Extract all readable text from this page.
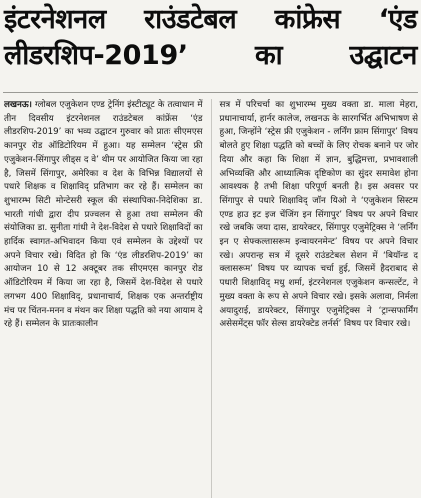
इंटरनेशनल राउंडटेबल कांफ्रेस ‘एंड लीडरशिप-2019’ का उद्घाटन
लखनऊ। ग्लोबल एजुकेशन एण्ड ट्रेनिंग इंस्टीट्यूट के तत्वाधान में तीन दिवसीय इंटरनेशनल राउंडटेबल कांफ्रेंस ‘एंड लीडरशिप-2019’ का भव्य उद्घाटन गुरुवार को प्रातः सीएमएस कानपुर रोड ऑडिटोरियम में हुआ। यह सम्मेलन ‘स्ट्रेस फ्री एजुकेशन-सिंगापुर लीड्स द वे’ थीम पर आयोजित किया जा रहा है, जिसमें सिंगापुर, अमेरिका व देश के विभिन्न विद्यालयों से पधारे शिक्षक व शिक्षाविद् प्रतिभाग कर रहे हैं। सम्मेलन का शुभारम्भ सिटी मोन्टेसरी स्कूल की संस्थापिका-निदेशिका डा. भारती गांधी द्वारा दीप प्रज्वलन से हुआ तथा सम्मेलन की संयोजिका डा. सुनीता गांधी ने देश-विदेश से पधारे शिक्षाविदों का हार्दिक स्वागत-अभिवादन किया एवं सम्मेलन के उद्देश्यों पर अपने विचार रखे। विदित हो कि ‘एंड लीडरशिप-2019’ का आयोजन 10 से 12 अक्टूबर तक सीएमएस कानपुर रोड ऑडिटोरियम में किया जा रहा है, जिसमें देश-विदेश से पधारे लगभग 400 शिक्षाविद्, प्रधानाचार्य, शिक्षक एक अन्तर्राष्ट्रीय मंच पर चिंतन-मनन व मंथन कर शिक्षा पद्धति को नया आयाम दे रहे हैं। सम्मेलन के प्रातःकालीन
सत्र में परिचर्चा का शुभारम्भ मुख्य वक्ता डा. माला मेहरा, प्रधानाचार्या, हार्नर कालेज, लखनऊ के सारगर्भित अभिभाषण से हुआ, जिन्होंने ‘स्ट्रेस फ्री एजुकेशन - लर्निंग फ्राम सिंगापुर’ विषय बोलते हुए शिक्षा पद्धति को बच्चों के लिए रोचक बनाने पर जोर दिया और कहा कि शिक्षा में ज्ञान, बुद्धिमत्ता, प्रभावशाली अभिव्यक्ति और आध्यात्मिक दृष्टिकोण का सुंदर समावेश होना आवश्यक है तभी शिक्षा परिपूर्ण बनती है। इस अवसर पर सिंगापुर से पधारे शिक्षाविद् जॉन यिओ ने ‘एजुकेशन सिस्टम एण्ड हाउ इट इज चेंजिंग इन सिंगापुर’ विषय पर अपने विचार रखे जबकि जया दास, डायरेक्टर, सिंगापुर एजुमेट्रिक्स ने ‘लर्निंग इन ए सेफ्कल्तासरूम इन्वायरनमेन्ट’ विषय पर अपने विचार रखे। अपरान्ह सत्र में दूसरे राउंडटेबल सेशन में ‘बियॉन्ड द क्लासरूम’ विषय पर व्यापक चर्चा हुई, जिसमें हैदराबाद से पधारी शिक्षाविद् मधु शर्मा, इंटरनेशनल एजुकेशन कन्सल्टेंट, ने मुख्य वक्ता के रूप से अपने विचार रखे। इसके अलावा, निर्मला अयादुराई, डायरेक्टर, सिंगापुर एजुमेट्रिक्स ने ‘ट्रान्सफार्मिंग असेसमेंट्स फॉर सेल्स डायरेक्टेड लर्नर्स’ विषय पर विचार रखे।
